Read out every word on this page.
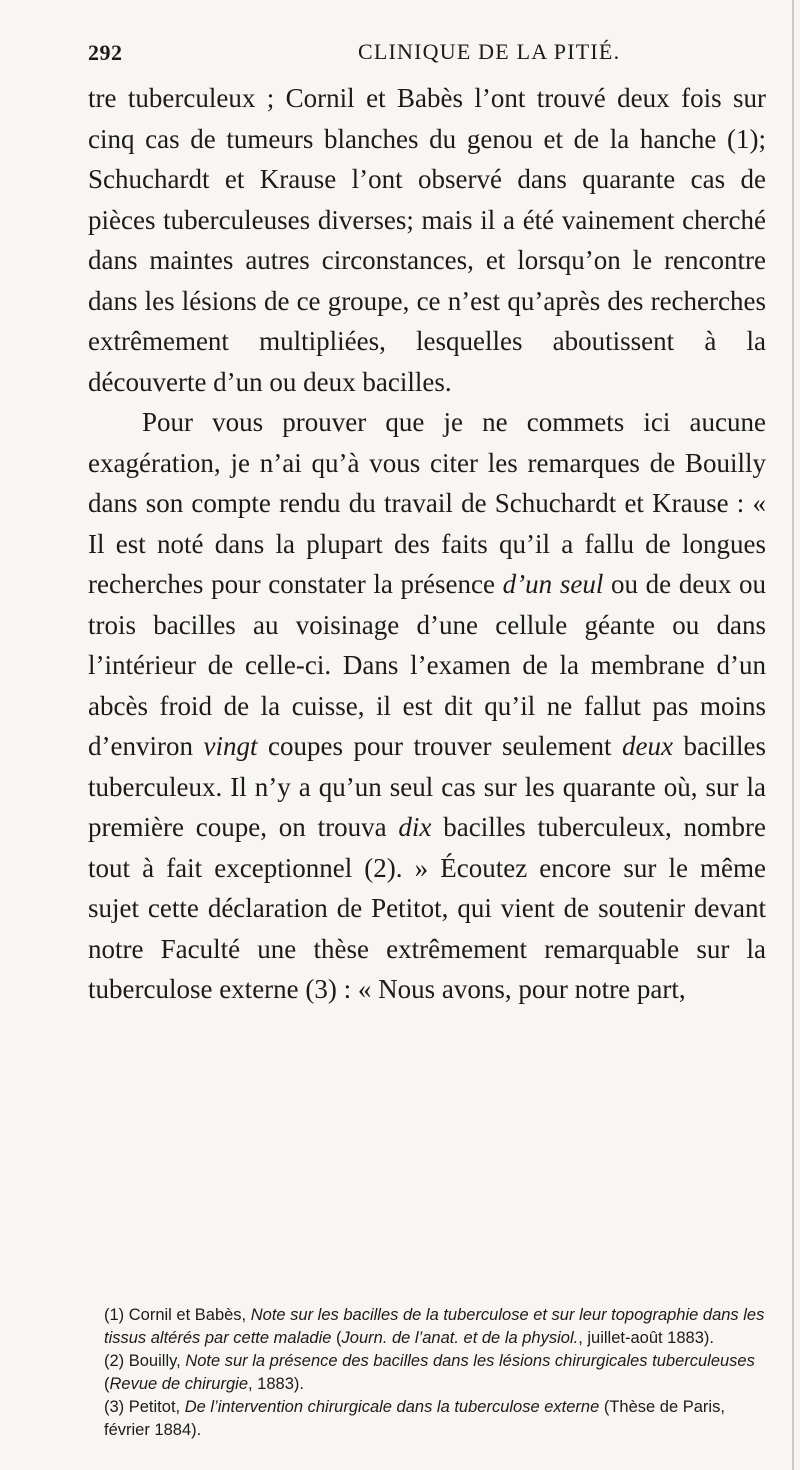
292	CLINIQUE DE LA PITIÉ.

tre tuberculeux ; Cornil et Babès l’ont trouvé deux fois sur cinq cas de tumeurs blanches du genou et de la hanche (1); Schuchardt et Krause l’ont observé dans quarante cas de pièces tuberculeuses diverses; mais il a été vainement cherché dans maintes autres circonstances, et lorsqu’on le rencontre dans les lésions de ce groupe, ce n’est qu’après des recherches extrêmement multipliées, lesquelles aboutissent à la découverte d’un ou deux bacilles.

Pour vous prouver que je ne commets ici aucune exagération, je n’ai qu’à vous citer les remarques de Bouilly dans son compte rendu du travail de Schuchardt et Krause : « Il est noté dans la plupart des faits qu’il a fallu de longues recherches pour constater la présence d’un seul ou de deux ou trois bacilles au voisinage d’une cellule géante ou dans l’intérieur de celle-ci. Dans l’examen de la membrane d’un abcès froid de la cuisse, il est dit qu’il ne fallut pas moins d’environ vingt coupes pour trouver seulement deux bacilles tuberculeux. Il n’y a qu’un seul cas sur les quarante où, sur la première coupe, on trouva dix bacilles tuberculeux, nombre tout à fait exceptionnel (2). » Écoutez encore sur le même sujet cette déclaration de Petitot, qui vient de soutenir devant notre Faculté une thèse extrêmement remarquable sur la tuberculose externe (3) : « Nous avons, pour notre part,

(1) Cornil et Babès, Note sur les bacilles de la tuberculose et sur leur topographie dans les tissus altérés par cette maladie (Journ. de l’anat. et de la physiol., juillet-août 1883).

(2) Bouilly, Note sur la présence des bacilles dans les lésions chirurgicales tuberculeuses (Revue de chirurgie, 1883).

(3) Petitot, De l’intervention chirurgicale dans la tuberculose externe (Thèse de Paris, février 1884).
